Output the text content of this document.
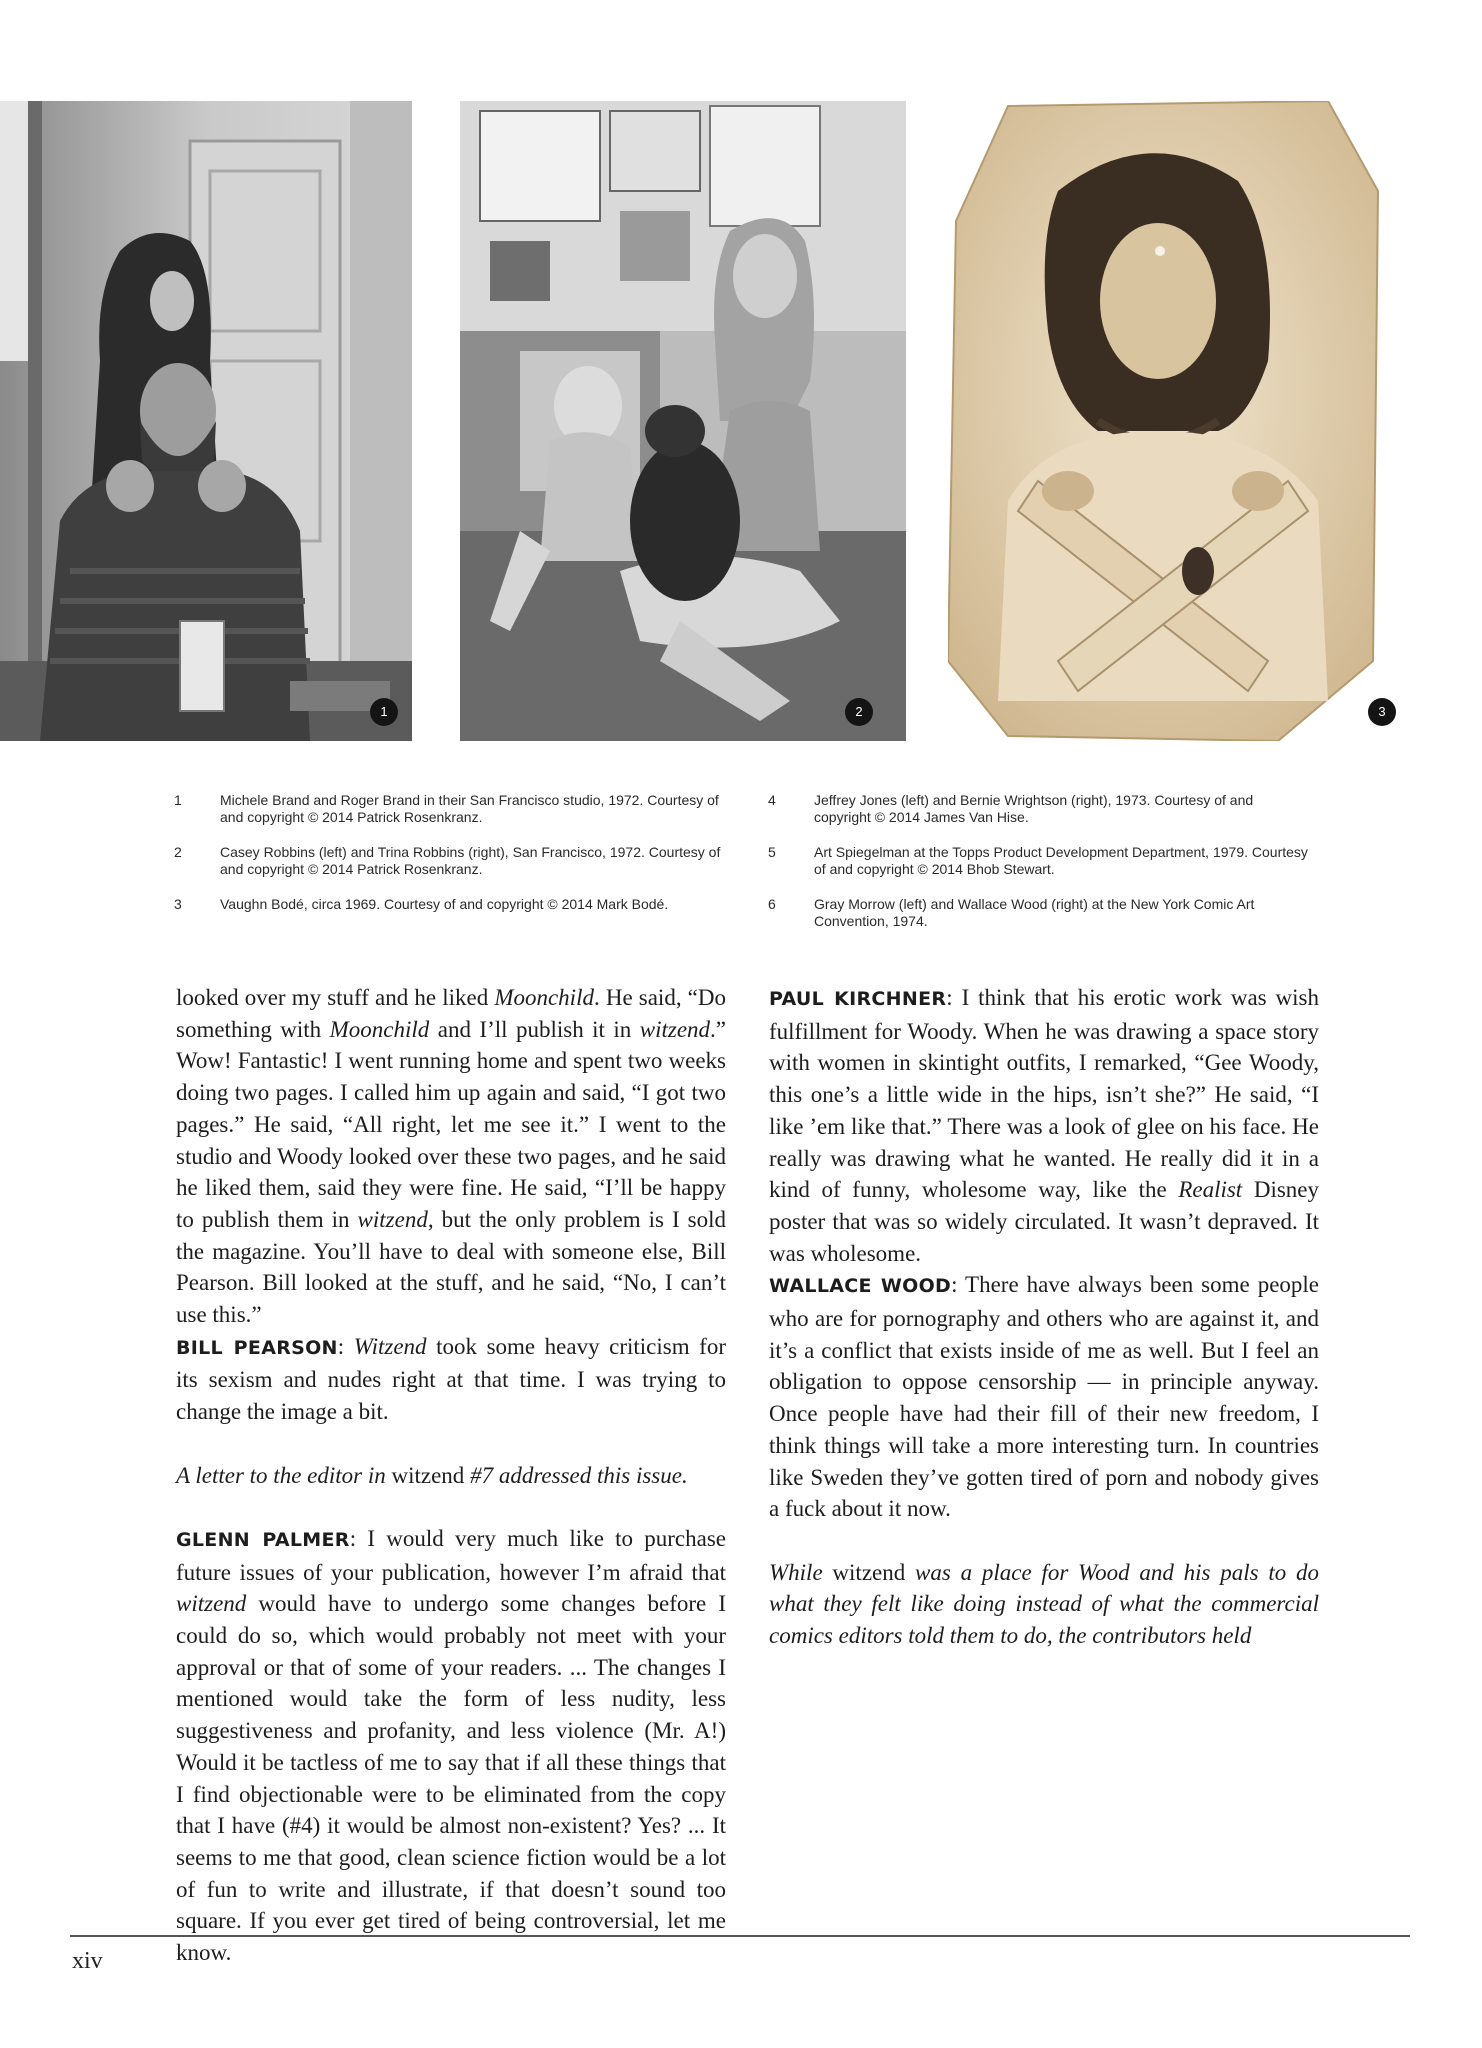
1	2	3
1	Michele Brand and Roger Brand in their San Francisco studio, 1972. Courtesy of and copyright © 2014 Patrick Rosenkranz.
2	Casey Robbins (left) and Trina Robbins (right), San Francisco, 1972. Courtesy of and copyright © 2014 Patrick Rosenkranz.
3	Vaughn Bodé, circa 1969. Courtesy of and copyright © 2014 Mark Bodé.
4	Jeffrey Jones (left) and Bernie Wrightson (right), 1973. Courtesy of and copyright © 2014 James Van Hise.
5	Art Spiegelman at the Topps Product Development Department, 1979. Courtesy of and copyright © 2014 Bhob Stewart.
6	Gray Morrow (left) and Wallace Wood (right) at the New York Comic Art Convention, 1974.

looked over my stuff and he liked Moonchild. He said, “Do something with Moonchild and I’ll publish it in witzend.” Wow! Fantastic! I went running home and spent two weeks doing two pages. I called him up again and said, “I got two pages.” He said, “All right, let me see it.” I went to the studio and Woody looked over these two pages, and he said he liked them, said they were fine. He said, “I’ll be happy to publish them in witzend, but the only problem is I sold the magazine. You’ll have to deal with someone else, Bill Pearson. Bill looked at the stuff, and he said, “No, I can’t use this.”

BILL PEARSON: Witzend took some heavy criticism for its sexism and nudes right at that time. I was trying to change the image a bit.

A letter to the editor in witzend #7 addressed this issue.

GLENN PALMER: I would very much like to purchase future issues of your publication, however I’m afraid that witzend would have to undergo some changes before I could do so, which would probably not meet with your approval or that of some of your readers. ... The changes I mentioned would take the form of less nudity, less suggestiveness and profanity, and less violence (Mr. A!) Would it be tactless of me to say that if all these things that I find objectionable were to be eliminated from the copy that I have (#4) it would be almost non-existent? Yes? ... It seems to me that good, clean science fiction would be a lot of fun to write and illustrate, if that doesn’t sound too square. If you ever get tired of being controversial, let me know.

PAUL KIRCHNER: I think that his erotic work was wish fulfillment for Woody. When he was drawing a space story with women in skintight outfits, I remarked, “Gee Woody, this one’s a little wide in the hips, isn’t she?” He said, “I like ’em like that.” There was a look of glee on his face. He really was drawing what he wanted. He really did it in a kind of funny, wholesome way, like the Realist Disney poster that was so widely circulated. It wasn’t depraved. It was wholesome.

WALLACE WOOD: There have always been some people who are for pornography and others who are against it, and it’s a conflict that exists inside of me as well. But I feel an obligation to oppose censorship — in principle anyway. Once people have had their fill of their new freedom, I think things will take a more interesting turn. In countries like Sweden they’ve gotten tired of porn and nobody gives a fuck about it now.

While witzend was a place for Wood and his pals to do what they felt like doing instead of what the commercial comics editors told them to do, the contributors held

xiv
